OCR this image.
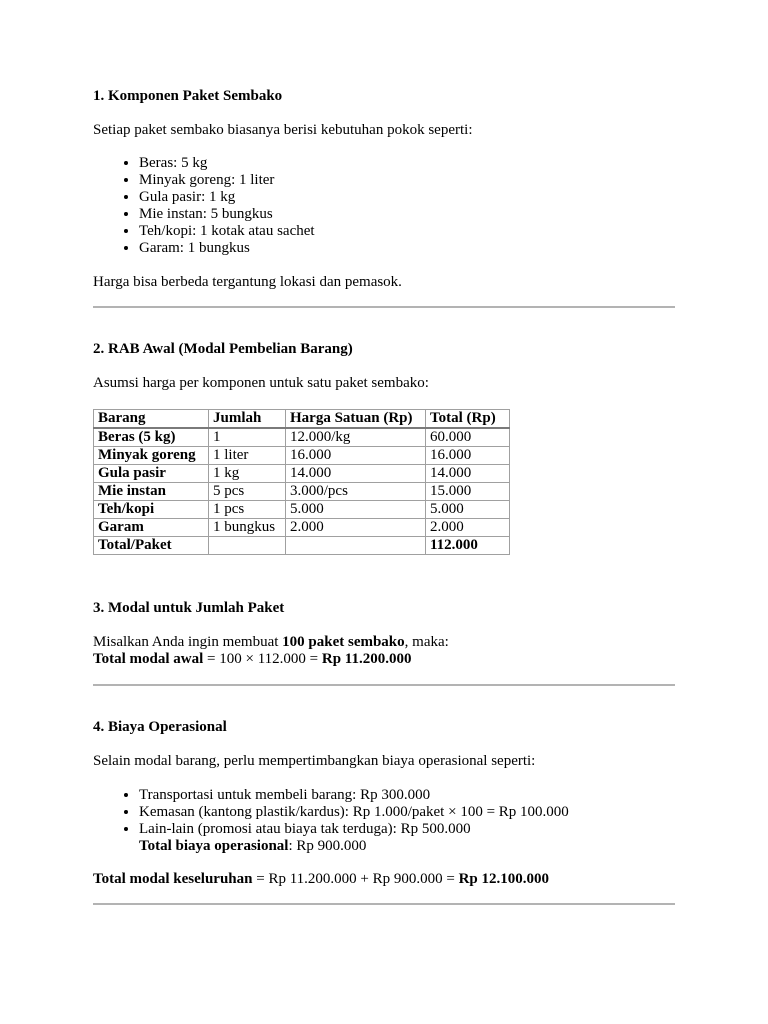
1. Komponen Paket Sembako

Setiap paket sembako biasanya berisi kebutuhan pokok seperti:

• Beras: 5 kg
• Minyak goreng: 1 liter
• Gula pasir: 1 kg
• Mie instan: 5 bungkus
• Teh/kopi: 1 kotak atau sachet
• Garam: 1 bungkus

Harga bisa berbeda tergantung lokasi dan pemasok.

2. RAB Awal (Modal Pembelian Barang)

Asumsi harga per komponen untuk satu paket sembako:

Barang	Jumlah	Harga Satuan (Rp)	Total (Rp)
Beras (5 kg)	1	12.000/kg	60.000
Minyak goreng	1 liter	16.000	16.000
Gula pasir	1 kg	14.000	14.000
Mie instan	5 pcs	3.000/pcs	15.000
Teh/kopi	1 pcs	5.000	5.000
Garam	1 bungkus	2.000	2.000
Total/Paket			112.000
3. Modal untuk Jumlah Paket

Misalkan Anda ingin membuat 100 paket sembako, maka:
Total modal awal = 100 × 112.000 = Rp 11.200.000

4. Biaya Operasional

Selain modal barang, perlu mempertimbangkan biaya operasional seperti:

• Transportasi untuk membeli barang: Rp 300.000
• Kemasan (kantong plastik/kardus): Rp 1.000/paket × 100 = Rp 100.000
• Lain-lain (promosi atau biaya tak terduga): Rp 500.000
Total biaya operasional: Rp 900.000

Total modal keseluruhan = Rp 11.200.000 + Rp 900.000 = Rp 12.100.000
